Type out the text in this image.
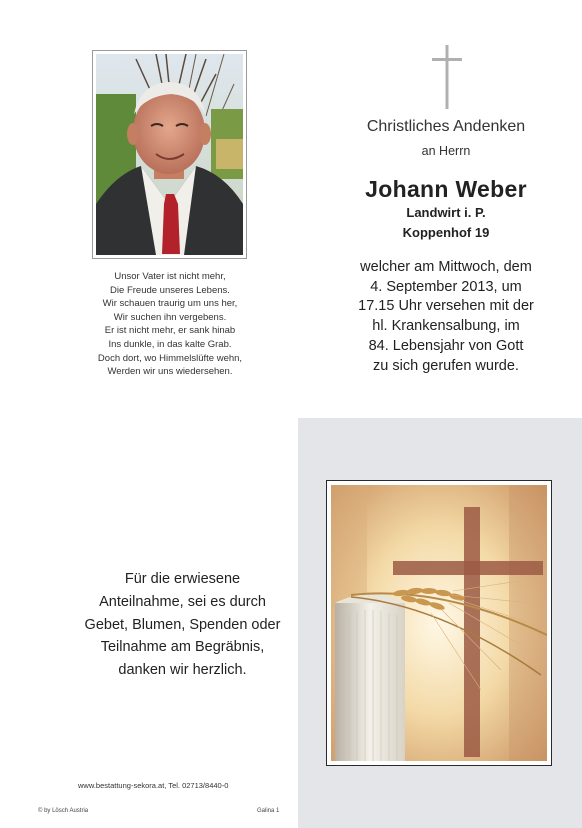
Unsor Vater ist nicht mehr,
Die Freude unseres Lebens.
Wir schauen traurig um uns her,
Wir suchen ihn vergebens.
Er ist nicht mehr, er sank hinab
Ins dunkle, in das kalte Grab.
Doch dort, wo Himmelslüfte wehn,
Werden wir uns wiedersehen.
Christliches Andenken
an Herrn
Johann Weber
Landwirt i. P.
Koppenhof 19
welcher am Mittwoch, dem
4. September 2013, um
17.15 Uhr versehen mit der
hl. Krankensalbung, im
84. Lebensjahr von Gott
zu sich gerufen wurde.
Für die erwiesene
Anteilnahme, sei es durch
Gebet, Blumen, Spenden oder
Teilnahme am Begräbnis,
danken wir herzlich.
www.bestattung-sekora.at, Tel. 02713/8440-0
© by Lösch Austria	Galina 1
